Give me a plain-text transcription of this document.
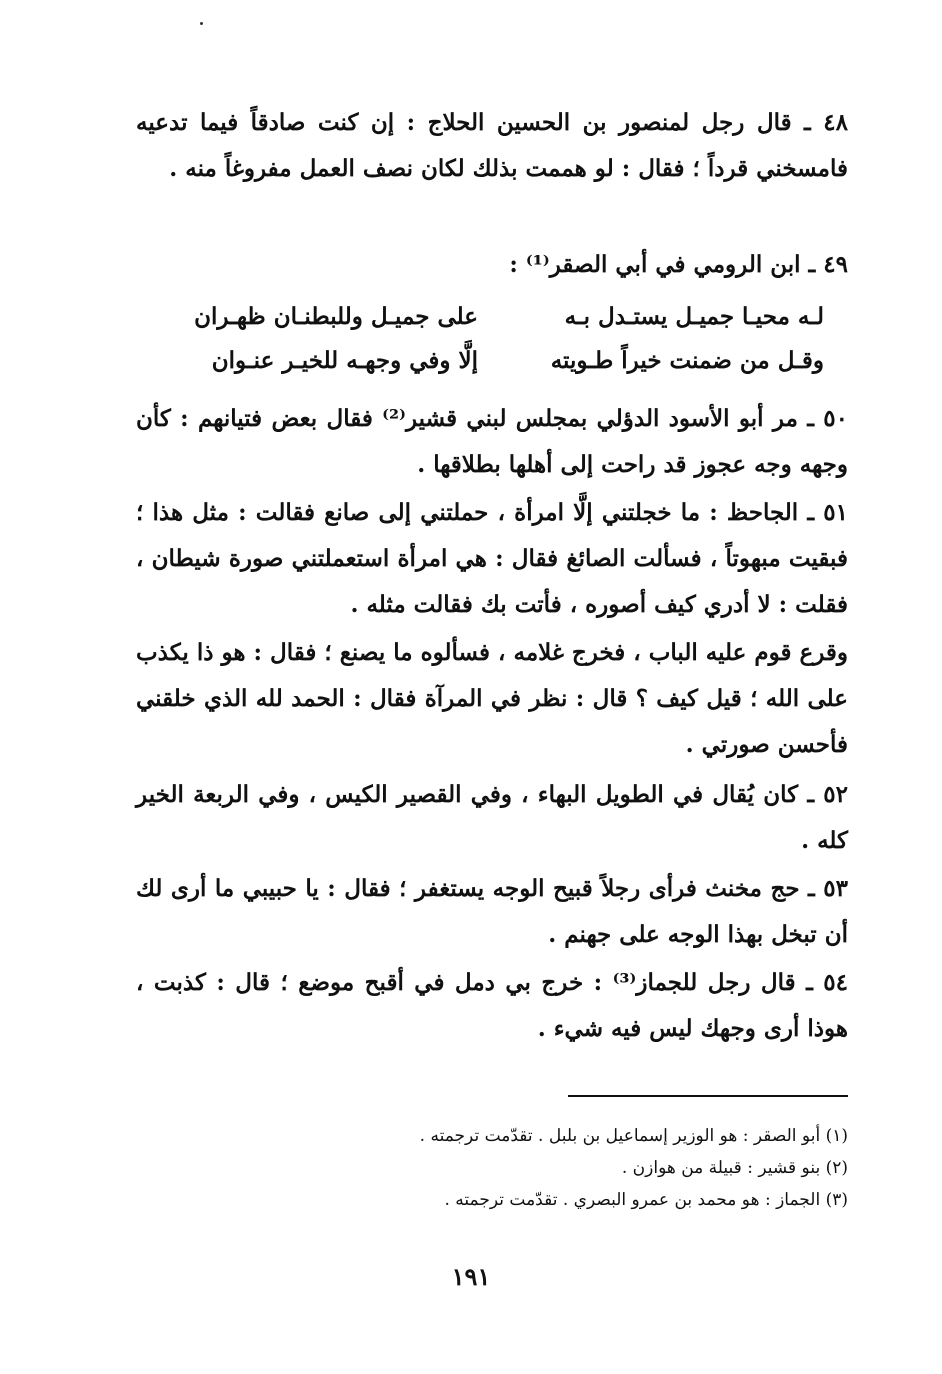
٤٨ ـ قال رجل لمنصور بن الحسين الحلاج : إن كنت صادقاً فيما تدعيه فامسخني قرداً ؛ فقال : لو هممت بذلك لكان نصف العمل مفروغاً منه .

٤٩ ـ ابن الرومي في أبي الصقر⁽¹⁾ :

لـه محيـا جميـل يستـدل بـه
على جميـل وللبطنـان ظهـران
وقـل من ضمنت خيراً طـويته
إلَّا وفي وجهـه للخيـر عنـوان

٥٠ ـ مر أبو الأسود الدؤلي بمجلس لبني قشير⁽²⁾ فقال بعض فتيانهم : كأن وجهه وجه عجوز قد راحت إلى أهلها بطلاقها .

٥١ ـ الجاحظ : ما خجلتني إلَّا امرأة ، حملتني إلى صانع فقالت : مثل هذا ؛ فبقيت مبهوتاً ، فسألت الصائغ فقال : هي امرأة استعملتني صورة شيطان ، فقلت : لا أدري كيف أصوره ، فأتت بك فقالت مثله .

وقرع قوم عليه الباب ، فخرج غلامه ، فسألوه ما يصنع ؛ فقال : هو ذا يكذب على الله ؛ قيل كيف ؟ قال : نظر في المرآة فقال : الحمد لله الذي خلقني فأحسن صورتي .

٥٢ ـ كان يُقال في الطويل البهاء ، وفي القصير الكيس ، وفي الربعة الخير كله .

٥٣ ـ حج مخنث فرأى رجلاً قبيح الوجه يستغفر ؛ فقال : يا حبيبي ما أرى لك أن تبخل بهذا الوجه على جهنم .

٥٤ ـ قال رجل للجماز⁽³⁾ : خرج بي دمل في أقبح موضع ؛ قال : كذبت ، هوذا أرى وجهك ليس فيه شيء .

(١) أبو الصقر : هو الوزير إسماعيل بن بلبل . تقدّمت ترجمته .
(٢) بنو قشير : قبيلة من هوازن .
(٣) الجماز : هو محمد بن عمرو البصري . تقدّمت ترجمته .
١٩١
